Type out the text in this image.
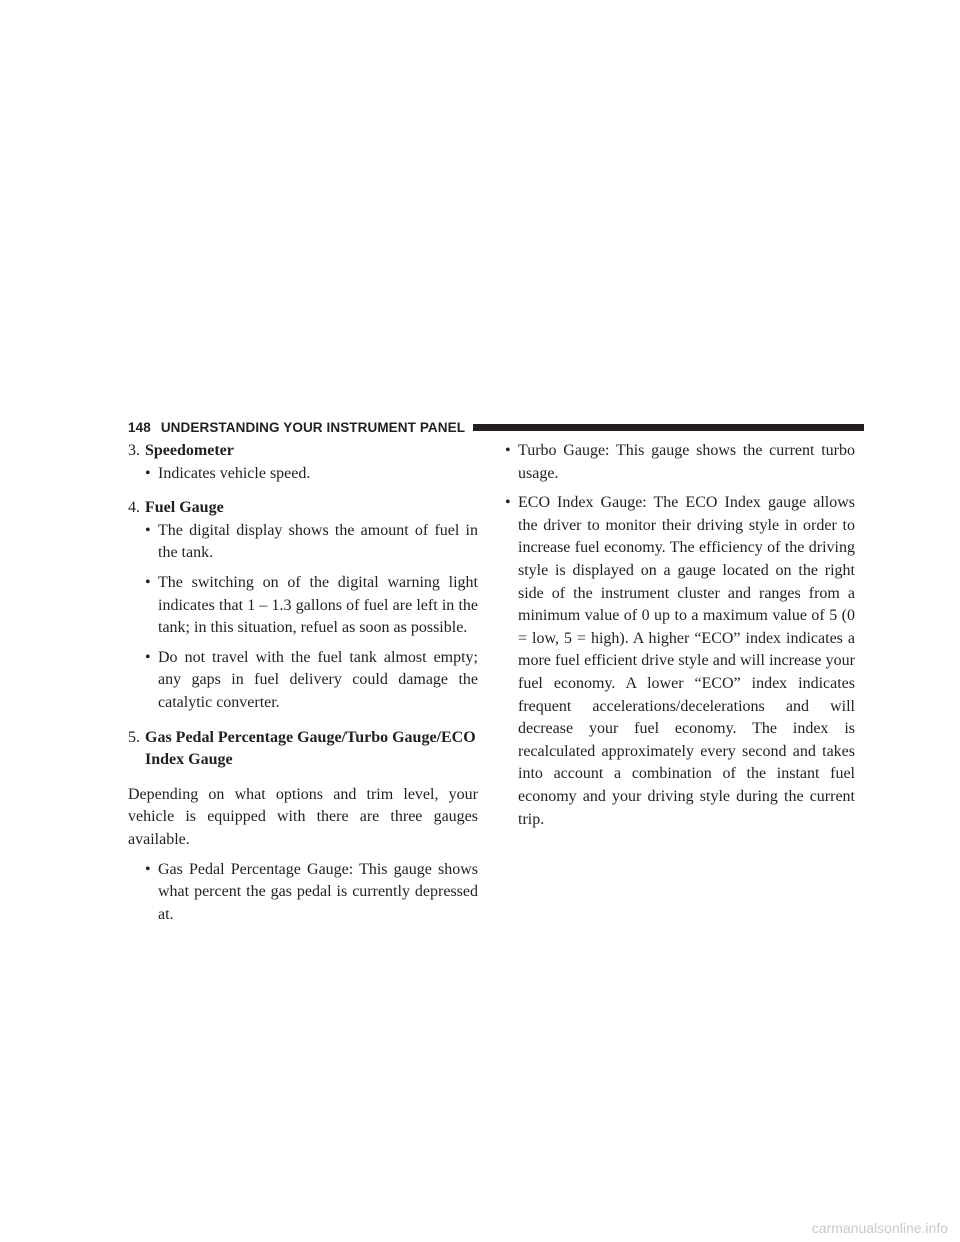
148 UNDERSTANDING YOUR INSTRUMENT PANEL
3. Speedometer
• Indicates vehicle speed.
4. Fuel Gauge
• The digital display shows the amount of fuel in the tank.
• The switching on of the digital warning light indicates that 1 – 1.3 gallons of fuel are left in the tank; in this situation, refuel as soon as possible.
• Do not travel with the fuel tank almost empty; any gaps in fuel delivery could damage the catalytic converter.
5. Gas Pedal Percentage Gauge/Turbo Gauge/ECO Index Gauge
Depending on what options and trim level, your vehicle is equipped with there are three gauges available.
• Gas Pedal Percentage Gauge: This gauge shows what percent the gas pedal is currently depressed at.
• Turbo Gauge: This gauge shows the current turbo usage.
• ECO Index Gauge: The ECO Index gauge allows the driver to monitor their driving style in order to increase fuel economy. The efficiency of the driving style is displayed on a gauge located on the right side of the instrument cluster and ranges from a minimum value of 0 up to a maximum value of 5 (0 = low, 5 = high). A higher “ECO” index indicates a more fuel efficient drive style and will increase your fuel economy. A lower “ECO” index indicates frequent accelerations/decelerations and will decrease your fuel economy. The index is recalculated approximately every second and takes into account a combination of the instant fuel economy and your driving style during the current trip.
carmanualsonline.info
